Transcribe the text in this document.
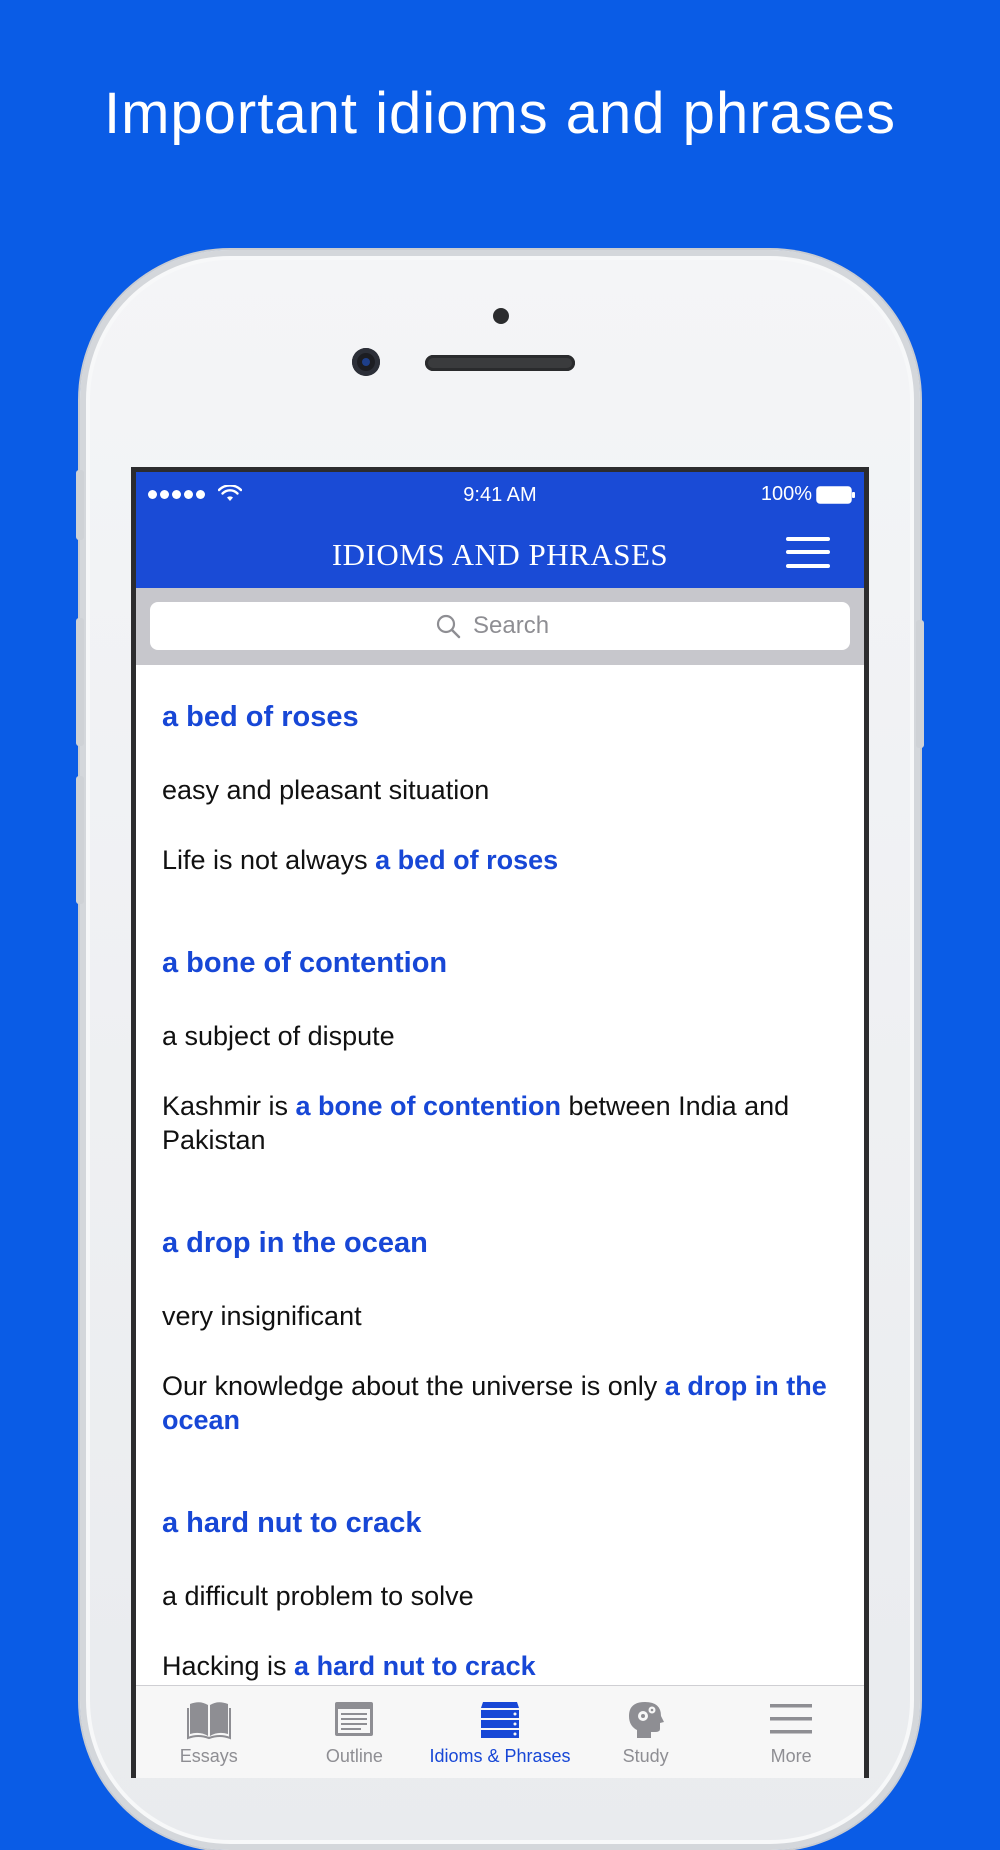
Important idioms and phrases
9:41 AM	100%
IDIOMS AND PHRASES
Search
a bed of roses
easy and pleasant situation
Life is not always a bed of roses
a bone of contention
a subject of dispute
Kashmir is a bone of contention between India and Pakistan
a drop in the ocean
very insignificant
Our knowledge about the universe is only a drop in the ocean
a hard nut to crack
a difficult problem to solve
Hacking is a hard nut to crack
Essays	Outline	Idioms & Phrases	Study	More
